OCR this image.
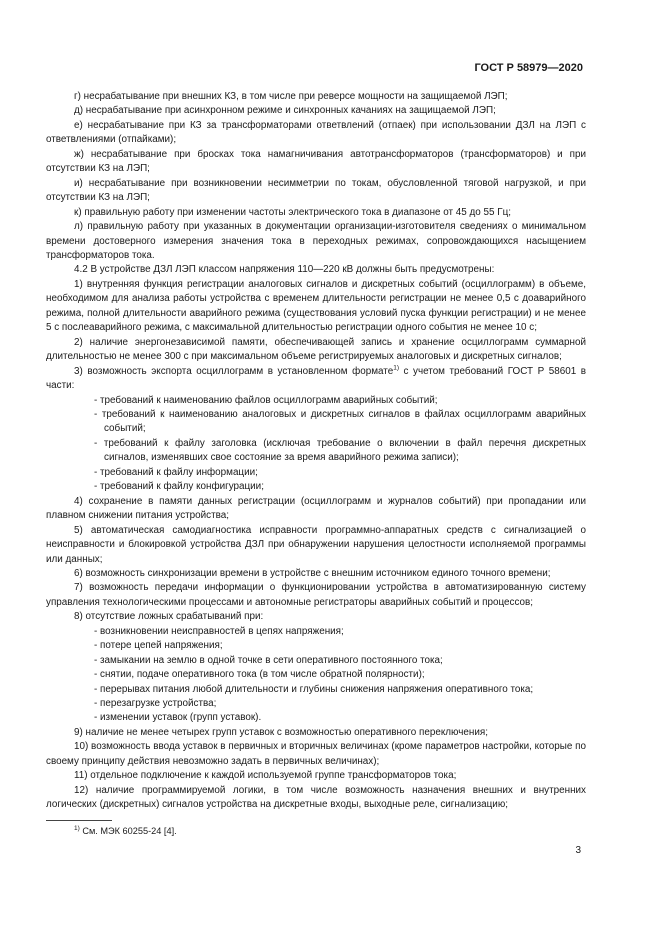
ГОСТ Р 58979—2020

г) несрабатывание при внешних КЗ, в том числе при реверсе мощности на защищаемой ЛЭП;

д) несрабатывание при асинхронном режиме и синхронных качаниях на защищаемой ЛЭП;

е) несрабатывание при КЗ за трансформаторами ответвлений (отпаек) при использовании ДЗЛ на ЛЭП с ответвлениями (отпайками);

ж) несрабатывание при бросках тока намагничивания автотрансформаторов (трансформаторов) и при отсутствии КЗ на ЛЭП;

и) несрабатывание при возникновении несимметрии по токам, обусловленной тяговой нагрузкой, и при отсутствии КЗ на ЛЭП;

к) правильную работу при изменении частоты электрического тока в диапазоне от 45 до 55 Гц;

л) правильную работу при указанных в документации организации-изготовителя сведениях о минимальном времени достоверного измерения значения тока в переходных режимах, сопровождающихся насыщением трансформаторов тока.

4.2 В устройстве ДЗЛ ЛЭП классом напряжения 110—220 кВ должны быть предусмотрены:

1) внутренняя функция регистрации аналоговых сигналов и дискретных событий (осциллограмм) в объеме, необходимом для анализа работы устройства с временем длительности регистрации не менее 0,5 с доаварийного режима, полной длительности аварийного режима (существования условий пуска функции регистрации) и не менее 5 с послеаварийного режима, с максимальной длительностью регистрации одного события не менее 10 с;

2) наличие энергонезависимой памяти, обеспечивающей запись и хранение осциллограмм суммарной длительностью не менее 300 с при максимальном объеме регистрируемых аналоговых и дискретных сигналов;

3) возможность экспорта осциллограмм в установленном формате$^{1)}$ с учетом требований ГОСТ Р 58601 в части:

- требований к наименованию файлов осциллограмм аварийных событий;

- требований к наименованию аналоговых и дискретных сигналов в файлах осциллограмм аварийных событий;

- требований к файлу заголовка (исключая требование о включении в файл перечня дискретных сигналов, изменявших свое состояние за время аварийного режима записи);

- требований к файлу информации;

- требований к файлу конфигурации;

4) сохранение в памяти данных регистрации (осциллограмм и журналов событий) при пропадании или плавном снижении питания устройства;

5) автоматическая самодиагностика исправности программно-аппаратных средств с сигнализацией о неисправности и блокировкой устройства ДЗЛ при обнаружении нарушения целостности исполняемой программы или данных;

6) возможность синхронизации времени в устройстве с внешним источником единого точного времени;

7) возможность передачи информации о функционировании устройства в автоматизированную систему управления технологическими процессами и автономные регистраторы аварийных событий и процессов;

8) отсутствие ложных срабатываний при:

- возникновении неисправностей в цепях напряжения;

- потере цепей напряжения;

- замыкании на землю в одной точке в сети оперативного постоянного тока;

- снятии, подаче оперативного тока (в том числе обратной полярности);

- перерывах питания любой длительности и глубины снижения напряжения оперативного тока;

- перезагрузке устройства;

- изменении уставок (групп уставок).

9) наличие не менее четырех групп уставок с возможностью оперативного переключения;

10) возможность ввода уставок в первичных и вторичных величинах (кроме параметров настройки, которые по своему принципу действия невозможно задать в первичных величинах);

11) отдельное подключение к каждой используемой группе трансформаторов тока;

12) наличие программируемой логики, в том числе возможность назначения внешних и внутренних логических (дискретных) сигналов устройства на дискретные входы, выходные реле, сигнализацию;

$^{1)}$ См. МЭК 60255-24 [4].
3
